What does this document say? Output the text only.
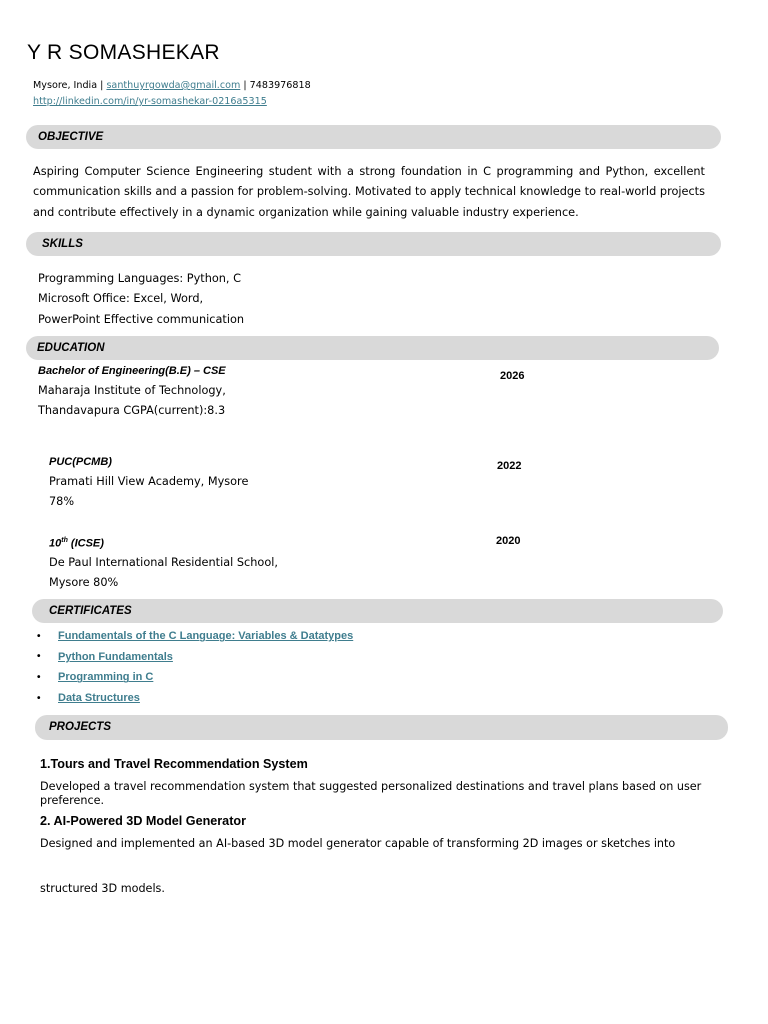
Y R SOMASHEKAR
Mysore, India | santhuyrgowda@gmail.com | 7483976818
http://linkedin.com/in/yr-somashekar-0216a5315
OBJECTIVE
Aspiring Computer Science Engineering student with a strong foundation in C programming and Python, excellent communication skills and a passion for problem-solving. Motivated to apply technical knowledge to real-world projects and contribute effectively in a dynamic organization while gaining valuable industry experience.
SKILLS
Programming Languages: Python, C
Microsoft Office: Excel, Word,
PowerPoint Effective communication
EDUCATION
Bachelor of Engineering(B.E) – CSE	2026
Maharaja Institute of Technology,
Thandavapura CGPA(current):8.3
PUC(PCMB)	2022
Pramati Hill View Academy, Mysore
78%
10th (ICSE)	2020
De Paul International Residential School,
Mysore 80%
CERTIFICATES
•	Fundamentals of the C Language: Variables & Datatypes
•	Python Fundamentals
•	Programming in C
•	Data Structures
PROJECTS
1.Tours and Travel Recommendation System
Developed a travel recommendation system that suggested personalized destinations and travel plans based on user
preference.
2. AI-Powered 3D Model Generator
Designed and implemented an AI-based 3D model generator capable of transforming 2D images or sketches into
structured 3D models.
